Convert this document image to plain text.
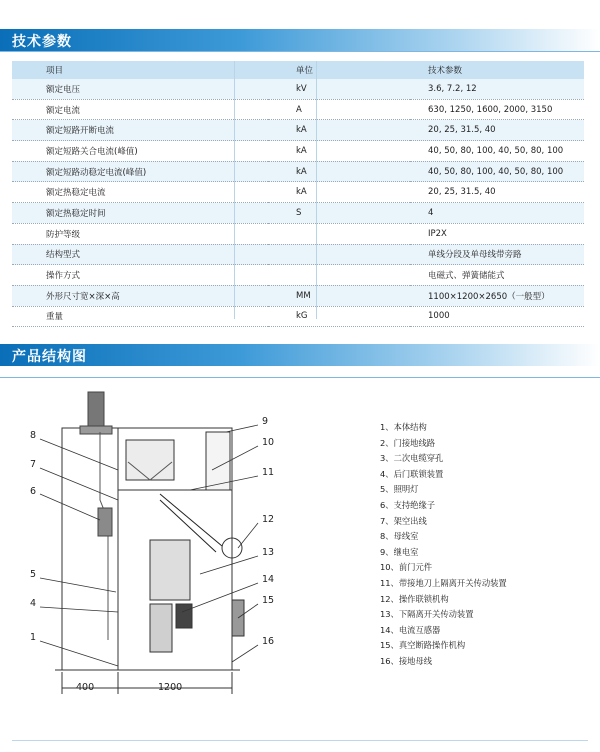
技术参数
项目	单位	技术参数
额定电压	kV	3.6, 7.2, 12
额定电流	A	630, 1250, 1600, 2000, 3150
额定短路开断电流	kA	20, 25, 31.5, 40
额定短路关合电流(峰值)	kA	40, 50, 80, 100, 40, 50, 80, 100
额定短路动稳定电流(峰值)	kA	40, 50, 80, 100, 40, 50, 80, 100
额定热稳定电流	kA	20, 25, 31.5, 40
额定热稳定时间	S	4
防护等级		IP2X
结构型式		单线分段及单母线带旁路
操作方式		电磁式、弹簧储能式
外形尺寸宽×深×高	MM	1100×1200×2650（一般型）
重量	kG	1000
产品结构图
1
4
5
6
7
8
9
10
11
12
13
14
15
16
400	1200
1、本体结构
2、门接地线路
3、二次电缆穿孔
4、后门联锁装置
5、照明灯
6、支持绝缘子
7、架空出线
8、母线室
9、继电室
10、前门元件
11、带接地刀上隔离开关传动装置
12、操作联锁机构
13、下隔离开关传动装置
14、电流互感器
15、真空断路操作机构
16、接地母线
